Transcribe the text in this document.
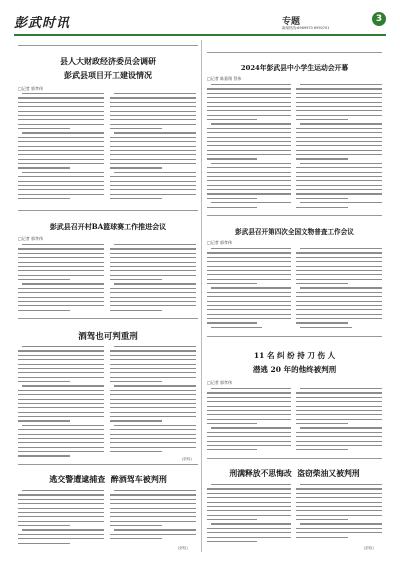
彭武时讯	专题
新闻热线:6969970 6950701
3
县人大财政经济委员会调研
彭武县项目开工建设情况
□记者 郭孝伟
2024年彭武县中小学生运动会开幕
□记者 陈嘉翔 蔡伟
彭武县召开村BA篮球赛工作推进会议
□记者 郭孝伟
彭武县召开第四次全国文物普查工作会议
□记者 郭孝伟
酒驾也可判重刑
(彭检)
11 名 纠 纷 持 刀 伤 人
潜逃 20 年的他终被判刑
□记者 郭孝伟
逃交警遭逮捕查 醉酒驾车被判刑
(彭检)
刑满释放不思悔改 盗窃柴油又被判刑
(彭检)
